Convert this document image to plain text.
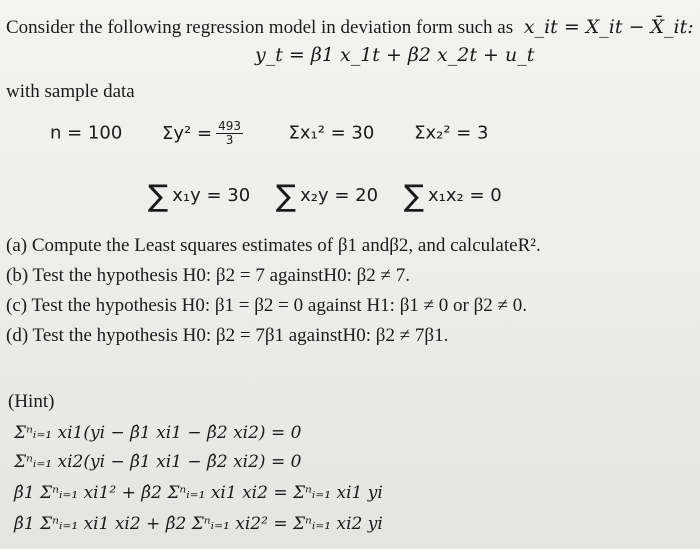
Consider the following regression model in deviation form such as x_it = X_it − X̄_it:
y_t = β1 x_1t + β2 x_2t + u_t
with sample data
n = 100 $\Sigma y^2 = \frac{493}{3}$	Σx₁² = 30 Σx₂² = 3
∑ x₁y = 30 ∑ x₂y = 20 ∑ x₁x₂ = 0
(a) Compute the Least squares estimates of β1 andβ2, and calculateR².
(b) Test the hypothesis H0: β2 = 7 againstH0: β2 ≠ 7.
(c) Test the hypothesis H0: β1 = β2 = 0 against H1: β1 ≠ 0 or β2 ≠ 0.
(d) Test the hypothesis H0: β2 = 7β1 againstH0: β2 ≠ 7β1.
(Hint)
Σⁿᵢ₌₁ xi1(yi − β̂1 xi1 − β̂2 xi2) = 0
Σⁿᵢ₌₁ xi2(yi − β̂1 xi1 − β̂2 xi2) = 0
β̂1 Σⁿᵢ₌₁ xi1² + β̂2 Σⁿᵢ₌₁ xi1 xi2 = Σⁿᵢ₌₁ xi1 yi
β̂1 Σⁿᵢ₌₁ xi1 xi2 + β̂2 Σⁿᵢ₌₁ xi2² = Σⁿᵢ₌₁ xi2 yi
